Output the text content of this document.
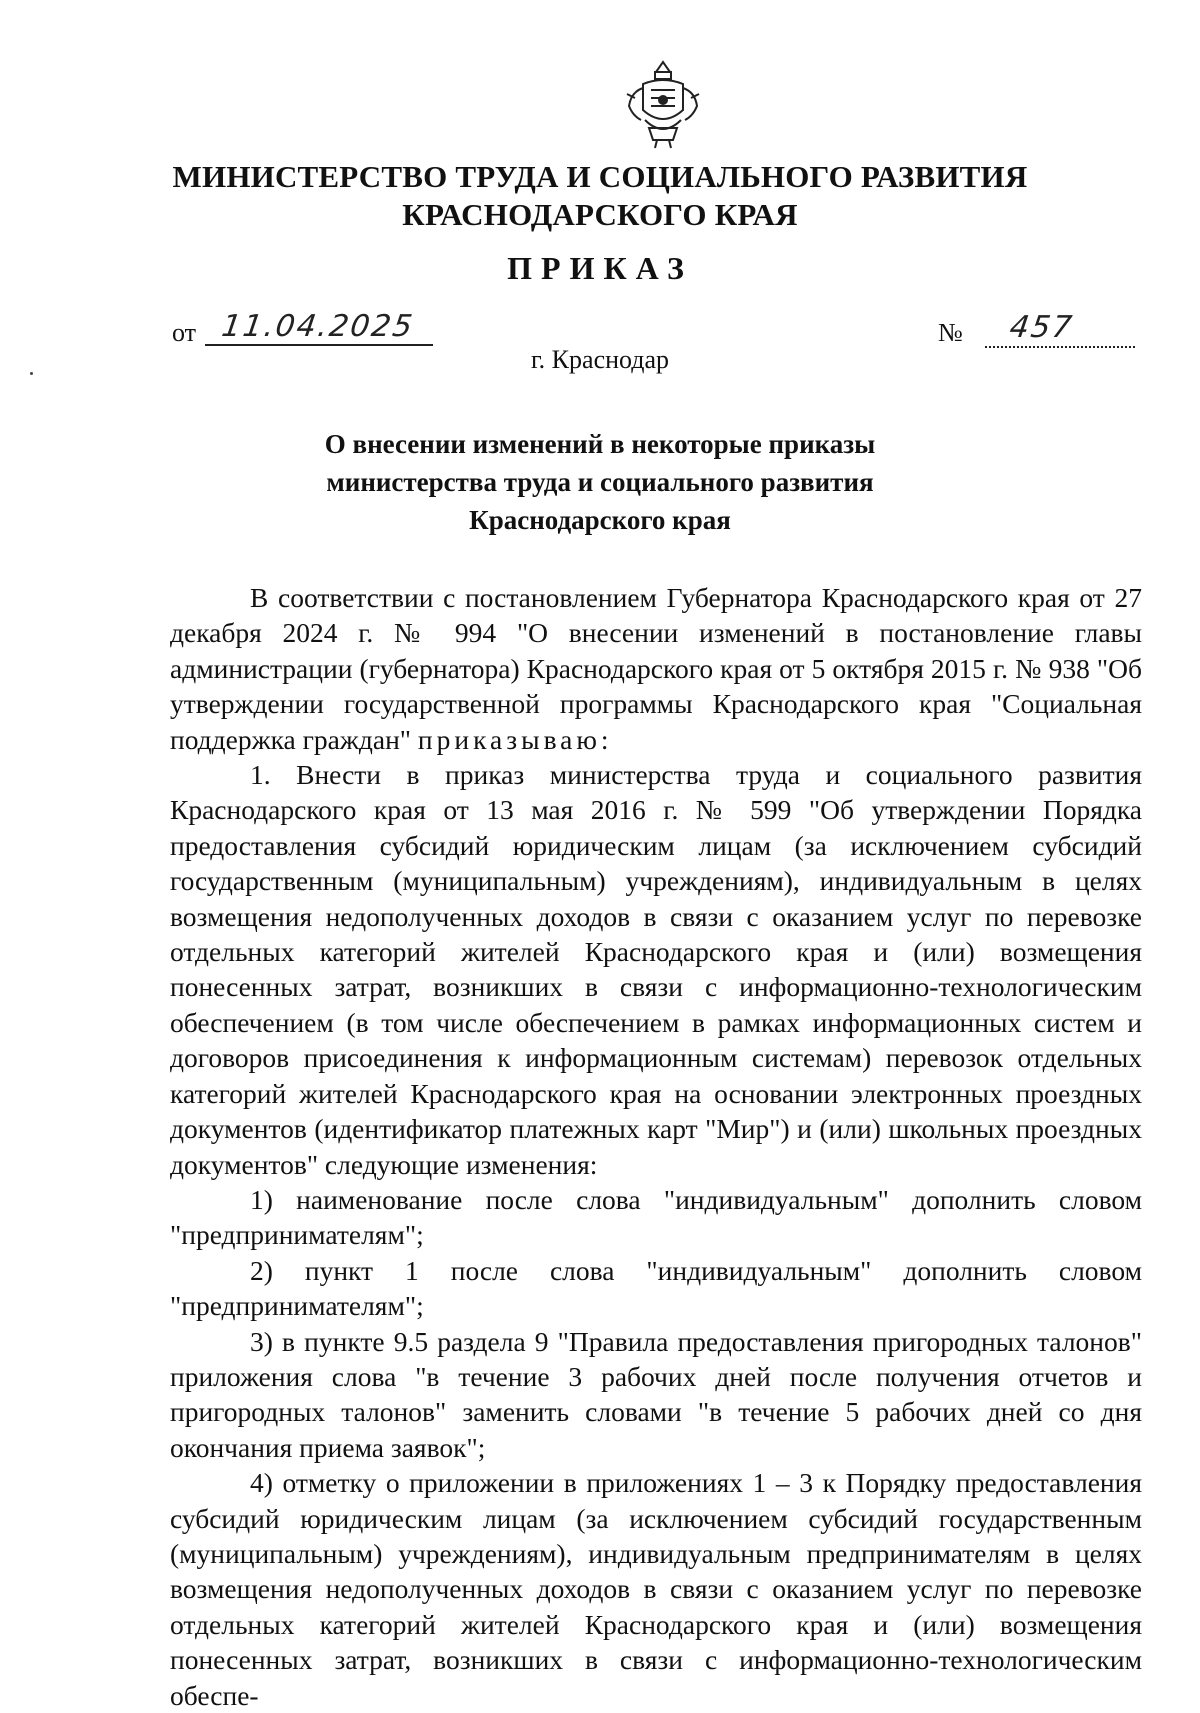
МИНИСТЕРСТВО ТРУДА И СОЦИАЛЬНОГО РАЗВИТИЯ
КРАСНОДАРСКОГО КРАЯ
ПРИКАЗ
от 11.04.2025	№ 457
г. Краснодар
О внесении изменений в некоторые приказы
министерства труда и социального развития
Краснодарского края

В соответствии с постановлением Губернатора Краснодарского края от 27 декабря 2024 г. № 994 "О внесении изменений в постановление главы администрации (губернатора) Краснодарского края от 5 октября 2015 г. № 938 "Об утверждении государственной программы Краснодарского края "Социальная поддержка граждан" приказываю:

1. Внести в приказ министерства труда и социального развития Краснодарского края от 13 мая 2016 г. № 599 "Об утверждении Порядка предоставления субсидий юридическим лицам (за исключением субсидий государственным (муниципальным) учреждениям), индивидуальным в целях возмещения недополученных доходов в связи с оказанием услуг по перевозке отдельных категорий жителей Краснодарского края и (или) возмещения понесенных затрат, возникших в связи с информационно-технологическим обеспечением (в том числе обеспечением в рамках информационных систем и договоров присоединения к информационным системам) перевозок отдельных категорий жителей Краснодарского края на основании электронных проездных документов (идентификатор платежных карт "Мир") и (или) школьных проездных документов" следующие изменения:

1) наименование после слова "индивидуальным" дополнить словом "предпринимателям";

2) пункт 1 после слова "индивидуальным" дополнить словом "предпринимателям";

3) в пункте 9.5 раздела 9 "Правила предоставления пригородных талонов" приложения слова "в течение 3 рабочих дней после получения отчетов и пригородных талонов" заменить словами "в течение 5 рабочих дней со дня окончания приема заявок";

4) отметку о приложении в приложениях 1 – 3 к Порядку предоставления субсидий юридическим лицам (за исключением субсидий государственным (муниципальным) учреждениям), индивидуальным предпринимателям в целях возмещения недополученных доходов в связи с оказанием услуг по перевозке отдельных категорий жителей Краснодарского края и (или) возмещения понесенных затрат, возникших в связи с информационно-технологическим обеспе-
